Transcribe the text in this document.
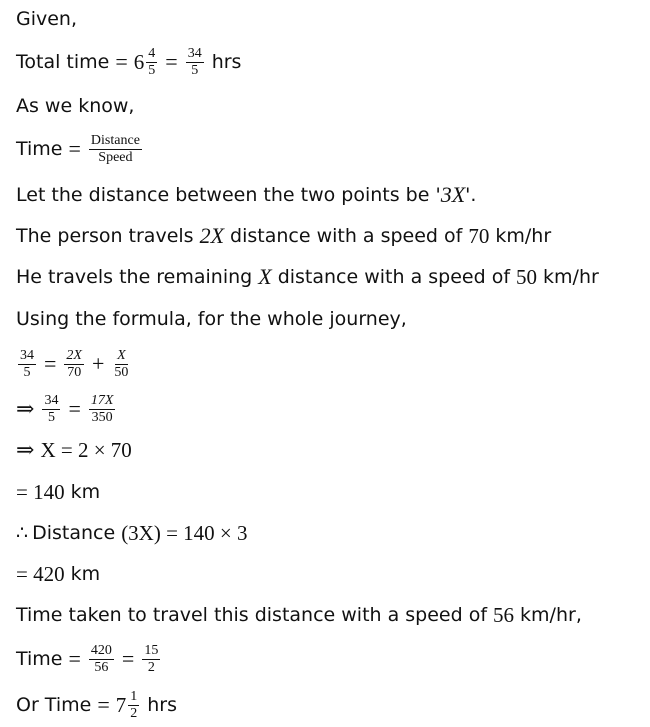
Given,
Total time = $6 \frac{4}{5} = \frac{34}{5}$ hrs
As we know,
Time = $\frac{\text{Distance}}{\text{Speed}}$
Let the distance between the two points be ' 3X '.
The person travels 2X distance with a speed of 70 km/hr
He travels the remaining X distance with a speed of 50 km/hr
Using the formula, for the whole journey,
$\frac{34}{5} = \frac{2X}{70} + \frac{X}{50}$
⇒ $\frac{34}{5} = \frac{17X}{350}$
⇒ X = 2 × 70
= 140 km
∴ Distance (3X) = 140 × 3
= 420 km
Time taken to travel this distance with a speed of 56 km/hr,
Time = $\frac{420}{56} = \frac{15}{2}$
Or Time = $7 \frac{1}{2}$ hrs
